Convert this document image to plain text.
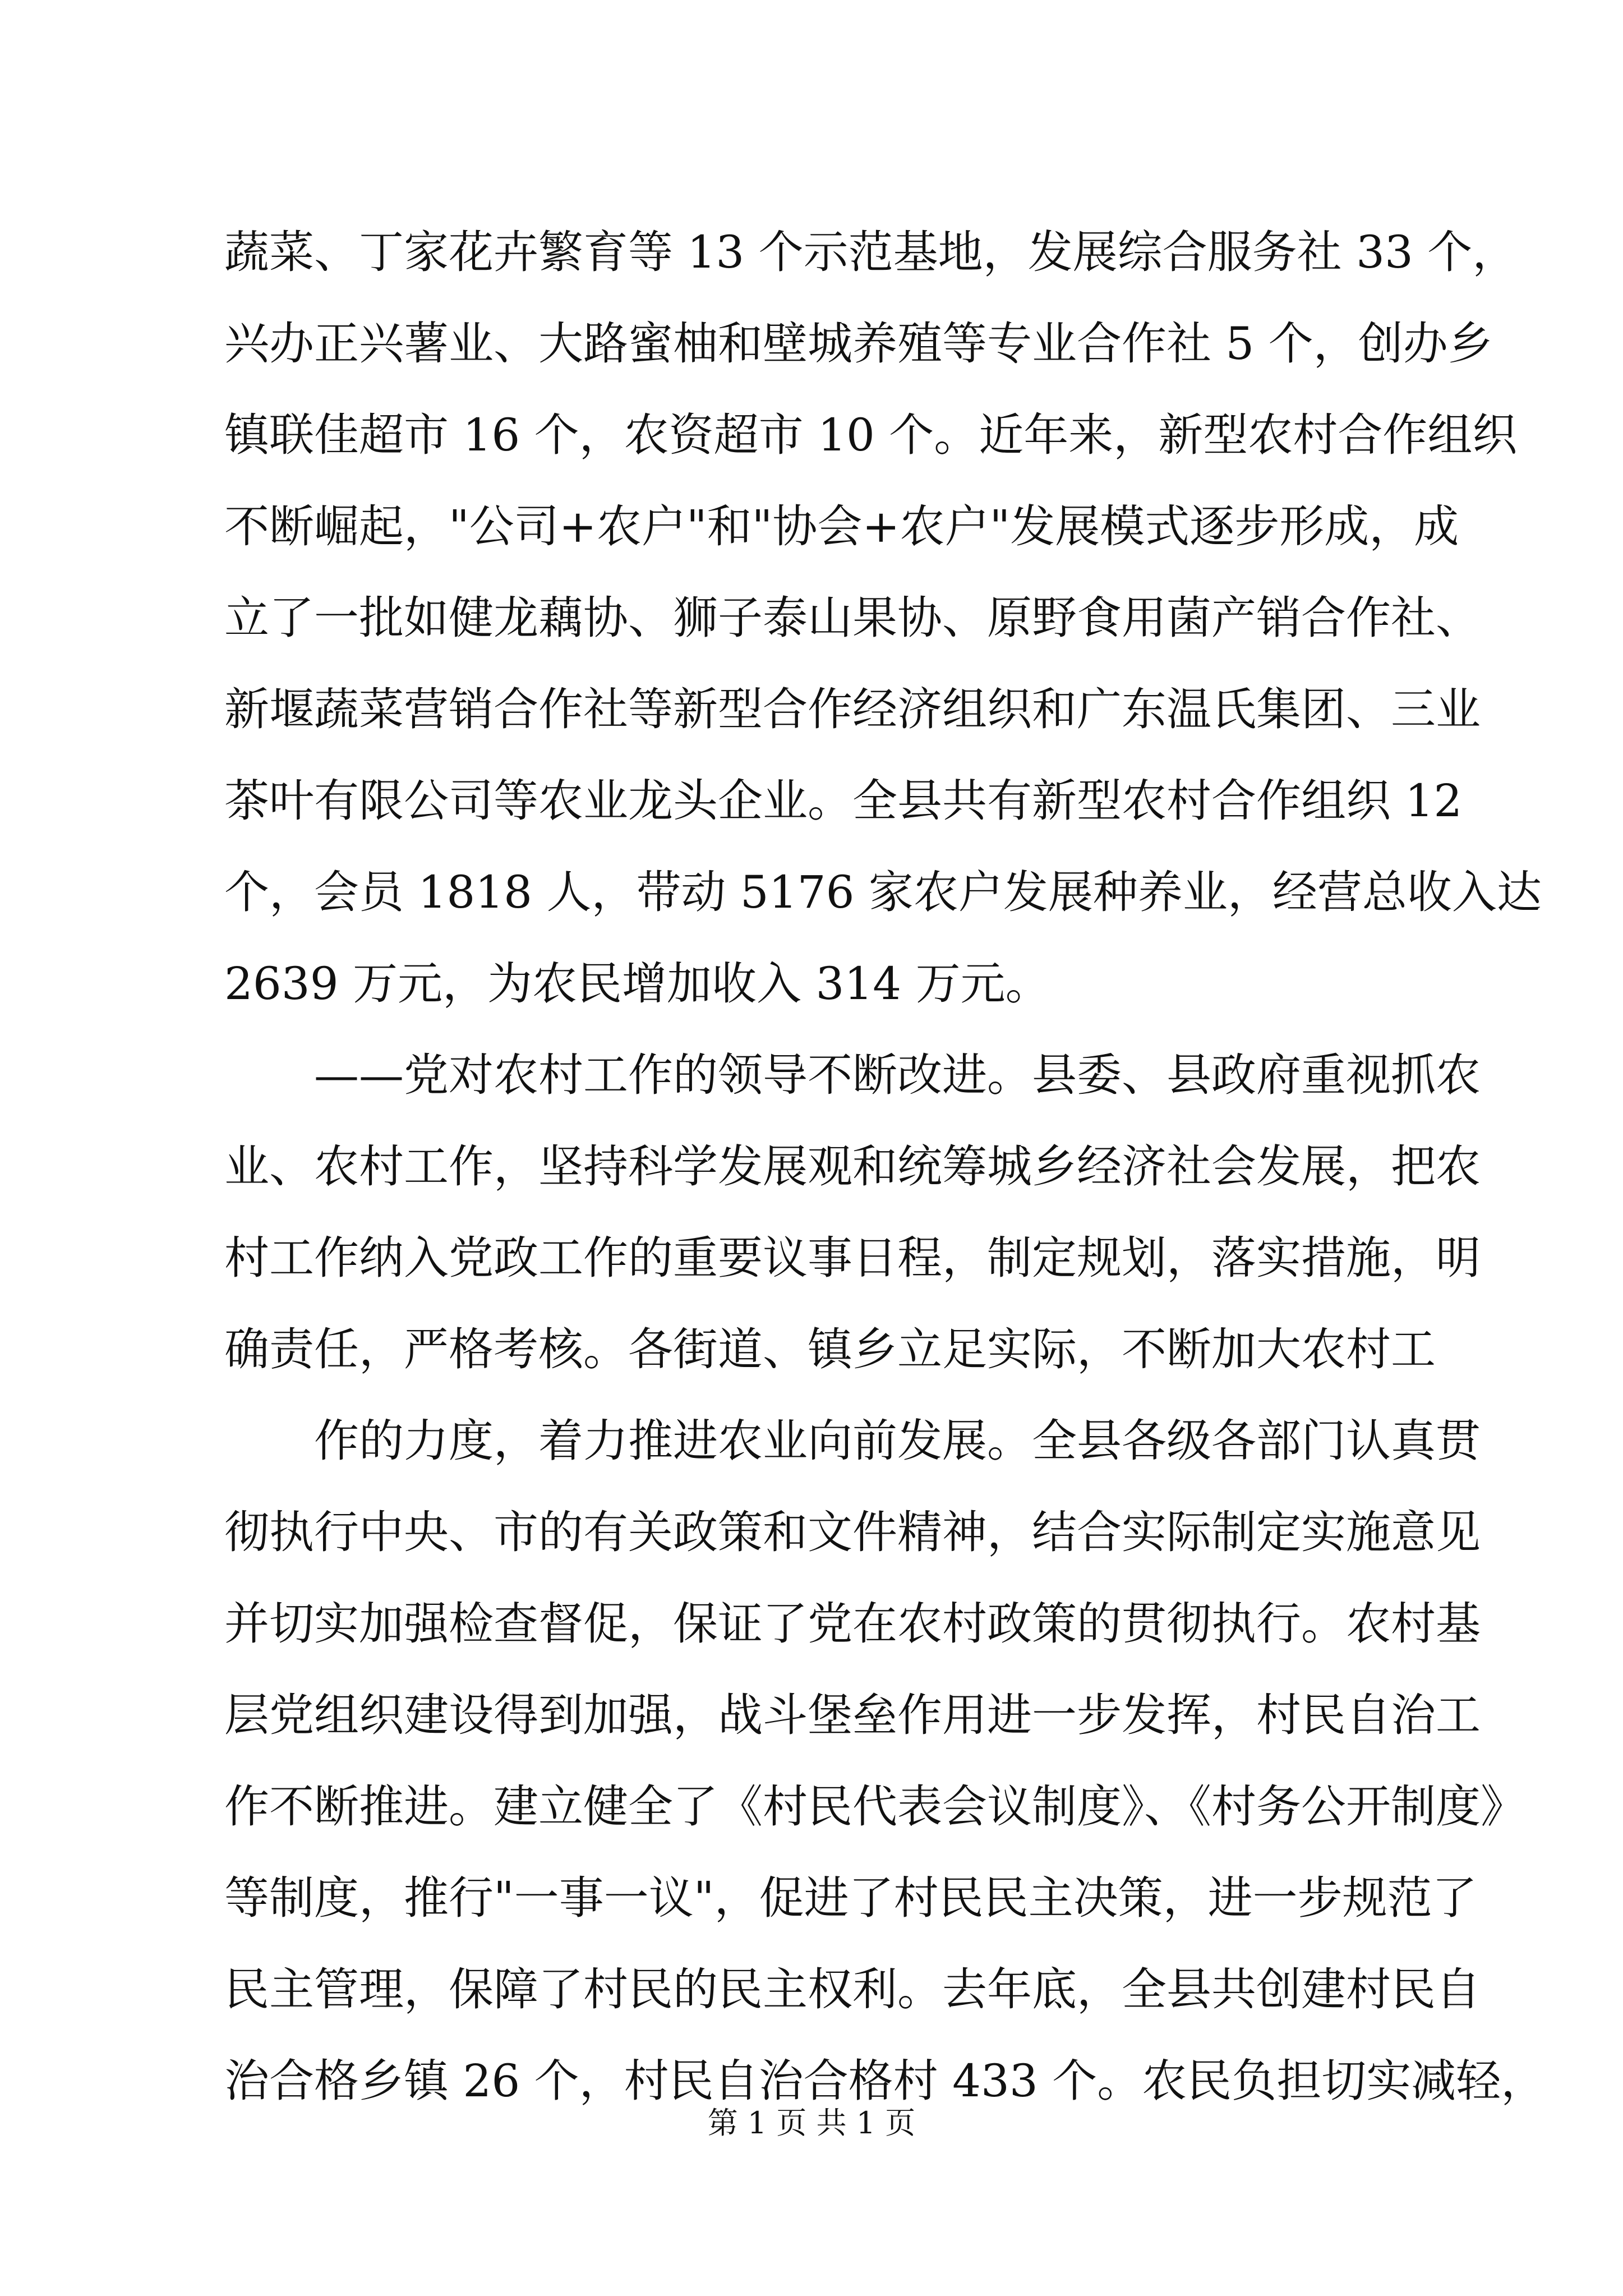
蔬菜、丁家花卉繁育等 13 个示范基地，发展综合服务社 33 个，
兴办正兴薯业、大路蜜柚和壁城养殖等专业合作社 5 个，创办乡
镇联佳超市 16 个，农资超市 10 个。近年来，新型农村合作组织
不断崛起，"公司+农户"和"协会+农户"发展模式逐步形成，成
立了一批如健龙藕协、狮子泰山果协、原野食用菌产销合作社、
新堰蔬菜营销合作社等新型合作经济组织和广东温氏集团、三业
茶叶有限公司等农业龙头企业。全县共有新型农村合作组织 12
个，会员 1818 人，带动 5176 家农户发展种养业，经营总收入达
2639 万元，为农民增加收入 314 万元。
——党对农村工作的领导不断改进。县委、县政府重视抓农
业、农村工作，坚持科学发展观和统筹城乡经济社会发展，把农
村工作纳入党政工作的重要议事日程，制定规划，落实措施，明
确责任，严格考核。各街道、镇乡立足实际，不断加大农村工
作的力度，着力推进农业向前发展。全县各级各部门认真贯
彻执行中央、市的有关政策和文件精神，结合实际制定实施意见
并切实加强检查督促，保证了党在农村政策的贯彻执行。农村基
层党组织建设得到加强，战斗堡垒作用进一步发挥，村民自治工
作不断推进。建立健全了《村民代表会议制度》、《村务公开制度》
等制度，推行"一事一议"，促进了村民民主决策，进一步规范了
民主管理，保障了村民的民主权利。去年底，全县共创建村民自
治合格乡镇 26 个，村民自治合格村 433 个。农民负担切实减轻，
第 1 页 共 1 页
